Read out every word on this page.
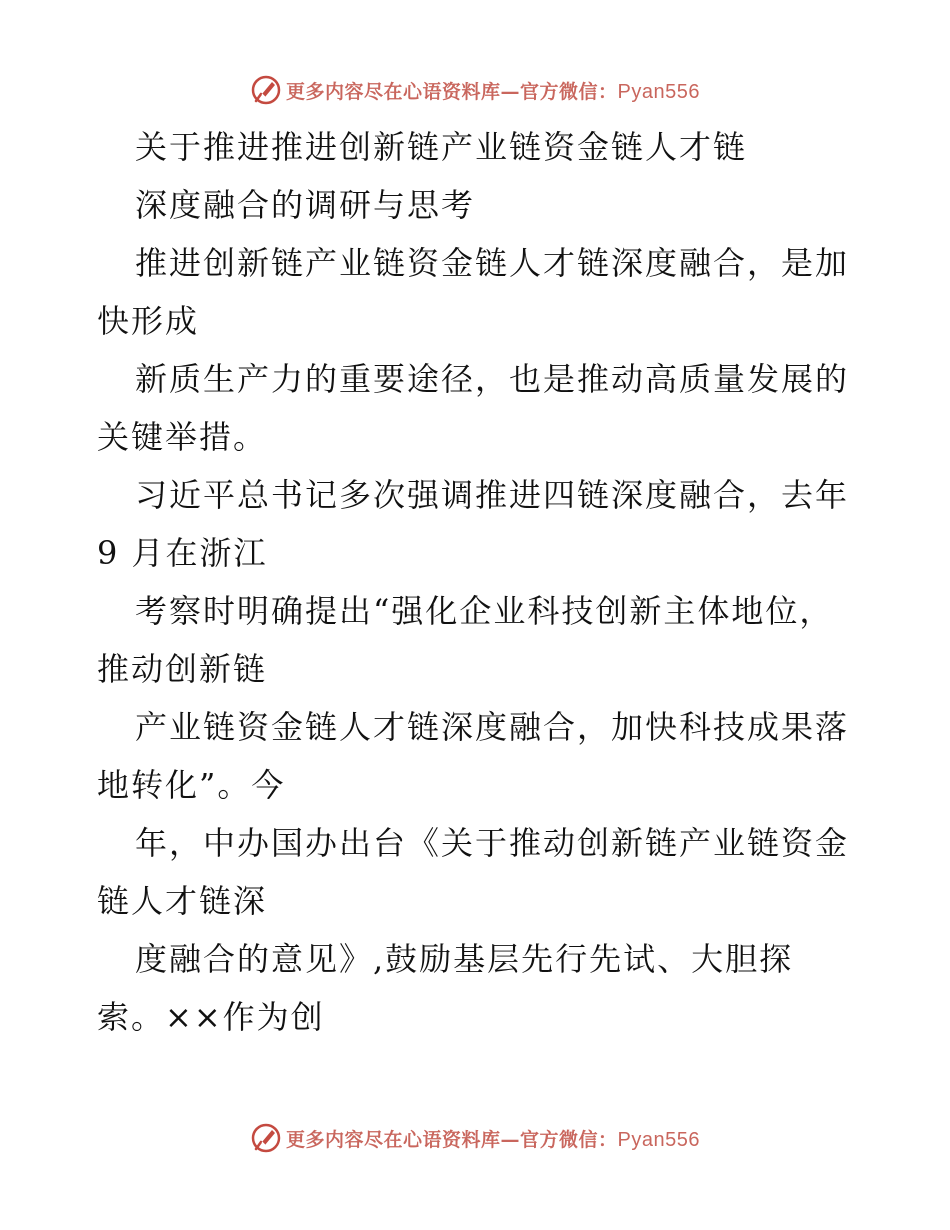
更多内容尽在心语资料库—官方微信：Pyan556
关于推进推进创新链产业链资金链人才链
深度融合的调研与思考
推进创新链产业链资金链人才链深度融合，是加
快形成
新质生产力的重要途径，也是推动高质量发展的
关键举措。
习近平总书记多次强调推进四链深度融合，去年
9 月在浙江
考察时明确提出“强化企业科技创新主体地位，
推动创新链
产业链资金链人才链深度融合，加快科技成果落
地转化”。今
年，中办国办出台《关于推动创新链产业链资金
链人才链深
度融合的意见》,鼓励基层先行先试、大胆探
索。××作为创
更多内容尽在心语资料库—官方微信：Pyan556
